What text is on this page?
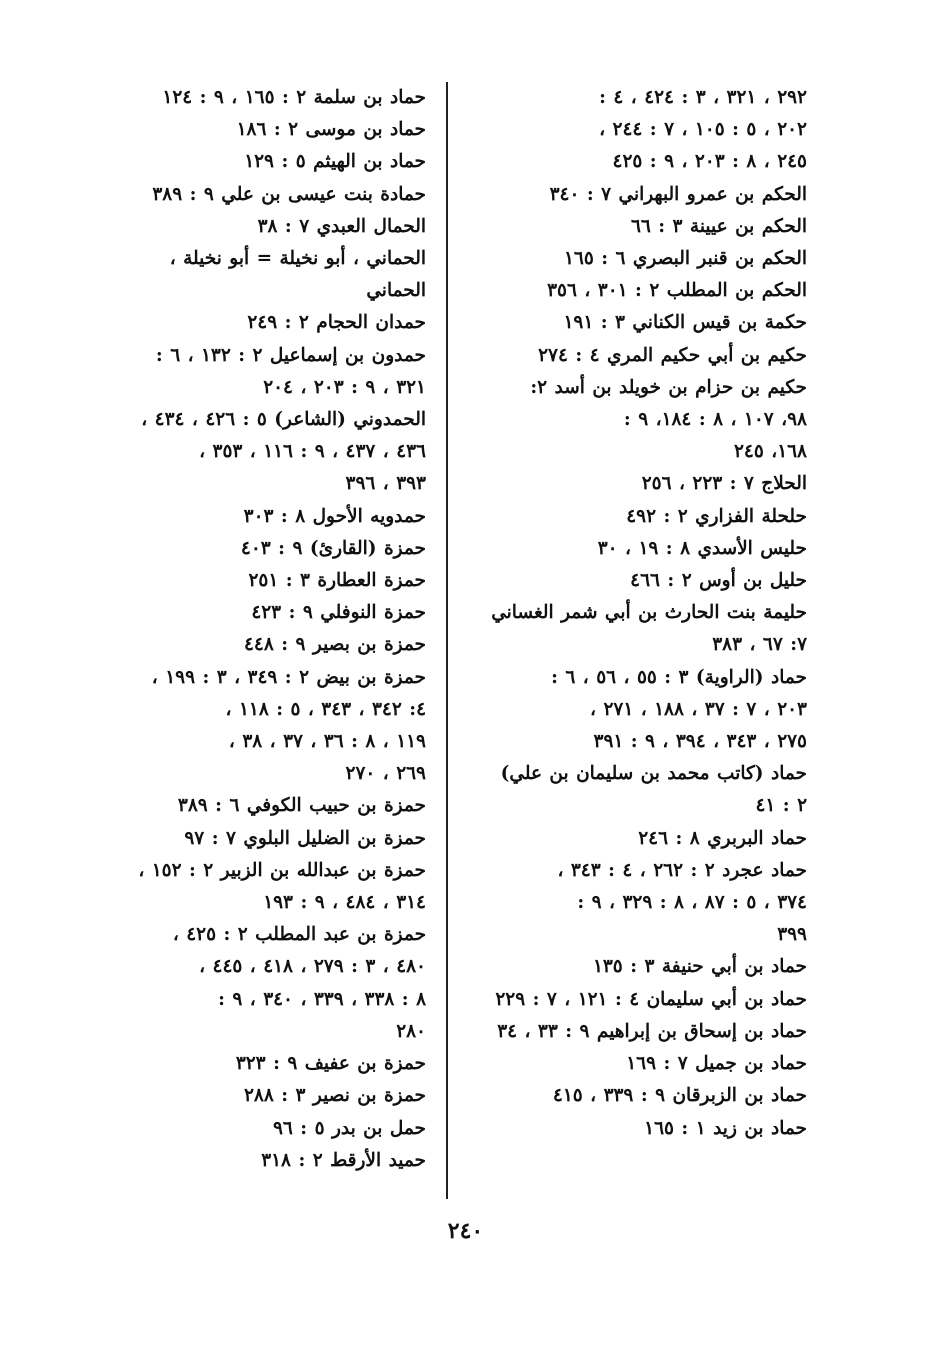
٢٩٢ ، ٣٢١ ، ٣ : ٤٢٤ ، ٤ :
٢٠٢ ، ٥ : ١٠٥ ، ٧ : ٢٤٤ ،
٢٤٥ ، ٨ : ٢٠٣ ، ٩ : ٤٢٥
الحكم بن عمرو البهراني ٧ : ٣٤٠
الحكم بن عيينة ٣ : ٦٦
الحكم بن قنبر البصري ٦ : ١٦٥
الحكم بن المطلب ٢ : ٣٠١ ، ٣٥٦
حكمة بن قيس الكناني ٣ : ١٩١
حكيم بن أبي حكيم المري ٤ : ٢٧٤
حكيم بن حزام بن خويلد بن أسد ٢:
٩٨، ١٠٧ ، ٨ : ١٨٤، ٩ :
١٦٨، ٢٤٥
الحلاج ٧ : ٢٢٣ ، ٢٥٦
حلحلة الفزاري ٢ : ٤٩٢
حليس الأسدي ٨ : ١٩ ، ٣٠
حليل بن أوس ٢ : ٤٦٦
حليمة بنت الحارث بن أبي شمر الغساني
٧: ٦٧ ، ٣٨٣
حماد (الراوية) ٣ : ٥٥ ، ٥٦ ، ٦ :
٢٠٣ ، ٧ : ٣٧ ، ١٨٨ ، ٢٧١ ،
٢٧٥ ، ٣٤٣ ، ٣٩٤ ، ٩ : ٣٩١
حماد (كاتب محمد بن سليمان بن علي)
٢ : ٤١
حماد البربري ٨ : ٢٤٦
حماد عجرد ٢ : ٢٦٢ ، ٤ : ٣٤٣ ،
٣٧٤ ، ٥ : ٨٧ ، ٨ : ٣٢٩ ، ٩ :
٣٩٩
حماد بن أبي حنيفة ٣ : ١٣٥
حماد بن أبي سليمان ٤ : ١٢١ ، ٧ : ٢٢٩
حماد بن إسحاق بن إبراهيم ٩ : ٣٣ ، ٣٤
حماد بن جميل ٧ : ١٦٩
حماد بن الزبرقان ٩ : ٣٣٩ ، ٤١٥
حماد بن زيد ١ : ١٦٥
حماد بن سلمة ٢ : ١٦٥ ، ٩ : ١٢٤
حماد بن موسى ٢ : ١٨٦
حماد بن الهيثم ٥ : ١٢٩
حمادة بنت عيسى بن علي ٩ : ٣٨٩
الحمال العبدي ٧ : ٣٨
الحماني ، أبو نخيلة = أبو نخيلة ،
الحماني
حمدان الحجام ٢ : ٢٤٩
حمدون بن إسماعيل ٢ : ١٣٢ ، ٦ :
٣٢١ ، ٩ : ٢٠٣ ، ٢٠٤
الحمدوني (الشاعر) ٥ : ٤٢٦ ، ٤٣٤ ،
٤٣٦ ، ٤٣٧ ، ٩ : ١١٦ ، ٣٥٣ ،
٣٩٣ ، ٣٩٦
حمدويه الأحول ٨ : ٣٠٣
حمزة (القارئ) ٩ : ٤٠٣
حمزة العطارة ٣ : ٢٥١
حمزة النوفلي ٩ : ٤٢٣
حمزة بن بصير ٩ : ٤٤٨
حمزة بن بيض ٢ : ٣٤٩ ، ٣ : ١٩٩ ،
٤: ٣٤٢ ، ٣٤٣ ، ٥ : ١١٨ ،
١١٩ ، ٨ : ٣٦ ، ٣٧ ، ٣٨ ،
٢٦٩ ، ٢٧٠
حمزة بن حبيب الكوفي ٦ : ٣٨٩
حمزة بن الضليل البلوي ٧ : ٩٧
حمزة بن عبدالله بن الزبير ٢ : ١٥٢ ،
٣١٤ ، ٤٨٤ ، ٩ : ١٩٣
حمزة بن عبد المطلب ٢ : ٤٢٥ ،
٤٨٠ ، ٣ : ٢٧٩ ، ٤١٨ ، ٤٤٥ ،
٨ : ٣٣٨ ، ٣٣٩ ، ٣٤٠ ، ٩ :
٢٨٠
حمزة بن عفيف ٩ : ٣٢٣
حمزة بن نصير ٣ : ٢٨٨
حمل بن بدر ٥ : ٩٦
حميد الأرقط ٢ : ٣١٨
٢٤٠
